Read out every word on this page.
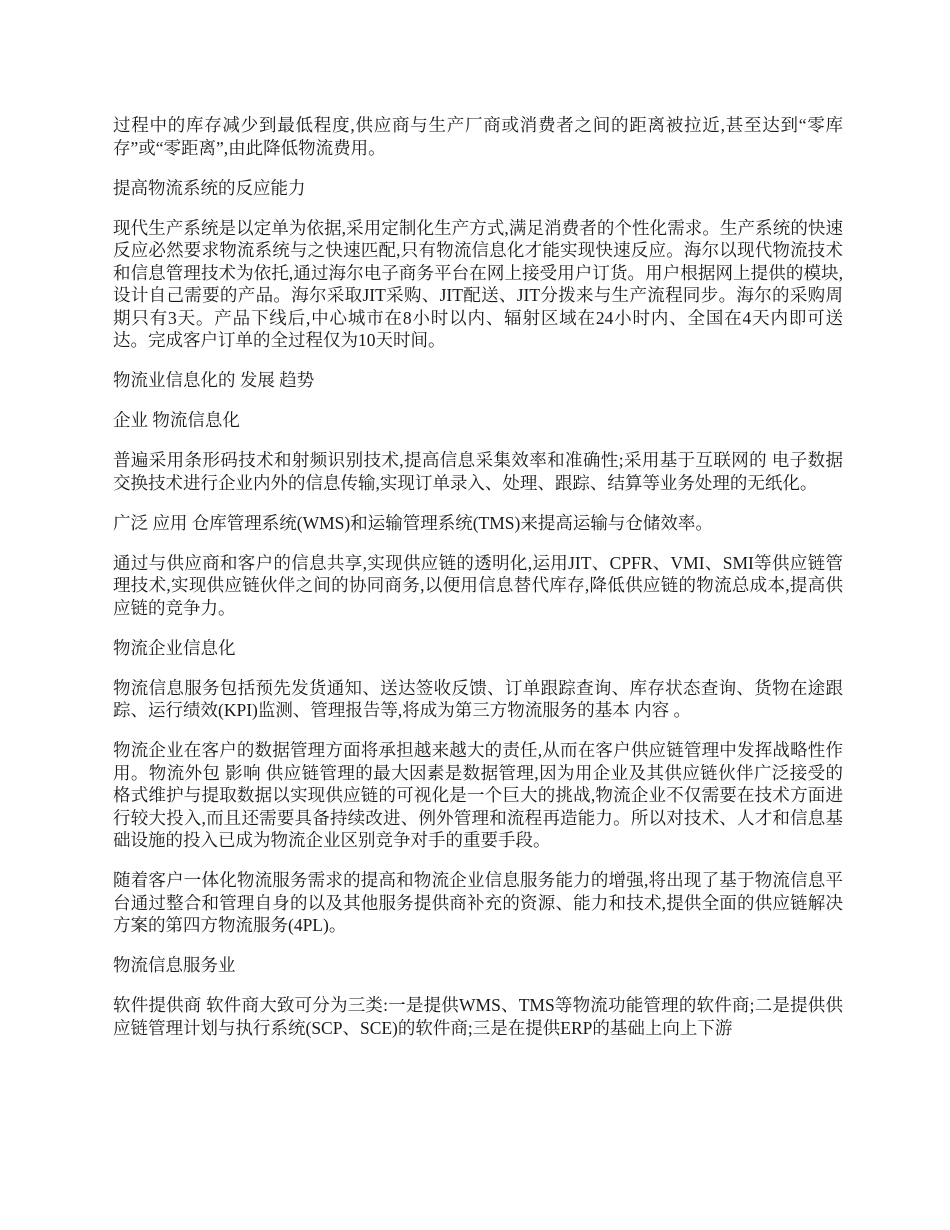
过程中的库存减少到最低程度,供应商与生产厂商或消费者之间的距离被拉近,甚至达到“零库存”或“零距离”,由此降低物流费用。

提高物流系统的反应能力

现代生产系统是以定单为依据,采用定制化生产方式,满足消费者的个性化需求。生产系统的快速反应必然要求物流系统与之快速匹配,只有物流信息化才能实现快速反应。海尔以现代物流技术和信息管理技术为依托,通过海尔电子商务平台在网上接受用户订货。用户根据网上提供的模块,设计自己需要的产品。海尔采取JIT采购、JIT配送、JIT分拨来与生产流程同步。海尔的采购周期只有3天。产品下线后,中心城市在8小时以内、辐射区域在24小时内、全国在4天内即可送达。完成客户订单的全过程仅为10天时间。

物流业信息化的 发展 趋势

企业 物流信息化

普遍采用条形码技术和射频识别技术,提高信息采集效率和准确性;采用基于互联网的 电子数据交换技术进行企业内外的信息传输,实现订单录入、处理、跟踪、结算等业务处理的无纸化。

广泛 应用 仓库管理系统(WMS)和运输管理系统(TMS)来提高运输与仓储效率。

通过与供应商和客户的信息共享,实现供应链的透明化,运用JIT、CPFR、VMI、SMI等供应链管理技术,实现供应链伙伴之间的协同商务,以便用信息替代库存,降低供应链的物流总成本,提高供应链的竞争力。

物流企业信息化

物流信息服务包括预先发货通知、送达签收反馈、订单跟踪查询、库存状态查询、货物在途跟踪、运行绩效(KPI)监测、管理报告等,将成为第三方物流服务的基本 内容 。

物流企业在客户的数据管理方面将承担越来越大的责任,从而在客户供应链管理中发挥战略性作用。物流外包 影响 供应链管理的最大因素是数据管理,因为用企业及其供应链伙伴广泛接受的格式维护与提取数据以实现供应链的可视化是一个巨大的挑战,物流企业不仅需要在技术方面进行较大投入,而且还需要具备持续改进、例外管理和流程再造能力。所以对技术、人才和信息基础设施的投入已成为物流企业区别竞争对手的重要手段。

随着客户一体化物流服务需求的提高和物流企业信息服务能力的增强,将出现了基于物流信息平台通过整合和管理自身的以及其他服务提供商补充的资源、能力和技术,提供全面的供应链解决方案的第四方物流服务(4PL)。

物流信息服务业

软件提供商 软件商大致可分为三类:一是提供WMS、TMS等物流功能管理的软件商;二是提供供应链管理计划与执行系统(SCP、SCE)的软件商;三是在提供ERP的基础上向上下游
